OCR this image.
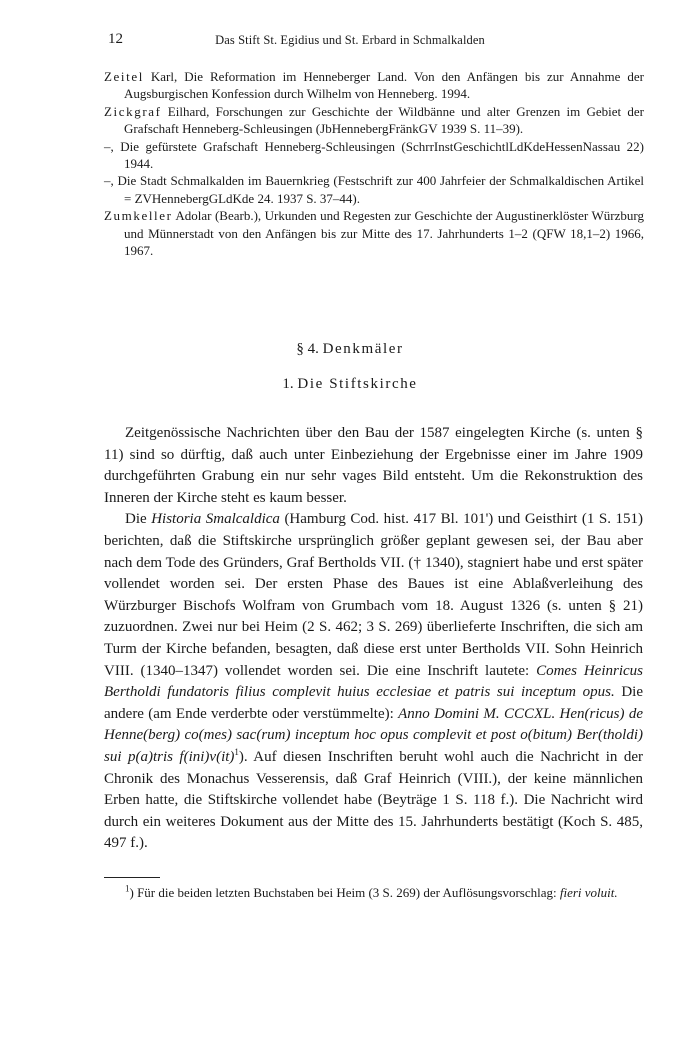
12	Das Stift St. Egidius und St. Erbard in Schmalkalden

Zeitel Karl, Die Reformation im Henneberger Land. Von den Anfängen bis zur Annahme der Augsburgischen Konfession durch Wilhelm von Henneberg. 1994.

Zickgraf Eilhard, Forschungen zur Geschichte der Wildbänne und alter Grenzen im Gebiet der Grafschaft Henneberg-Schleusingen (JbHennebergFränkGV 1939 S. 11–39).

–, Die gefürstete Grafschaft Henneberg-Schleusingen (SchrrInstGeschichtlLdKdeHessenNassau 22) 1944.

–, Die Stadt Schmalkalden im Bauernkrieg (Festschrift zur 400 Jahrfeier der Schmalkaldischen Artikel = ZVHennebergGLdKde 24. 1937 S. 37–44).

Zumkeller Adolar (Bearb.), Urkunden und Regesten zur Geschichte der Augustinerklöster Würzburg und Münnerstadt von den Anfängen bis zur Mitte des 17. Jahrhunderts 1–2 (QFW 18,1–2) 1966, 1967.

§ 4. Denkmäler
1. Die Stiftskirche

Zeitgenössische Nachrichten über den Bau der 1587 eingelegten Kirche (s. unten § 11) sind so dürftig, daß auch unter Einbeziehung der Ergebnisse einer im Jahre 1909 durchgeführten Grabung ein nur sehr vages Bild entsteht. Um die Rekonstruktion des Inneren der Kirche steht es kaum besser.

Die Historia Smalcaldica (Hamburg Cod. hist. 417 Bl. 101') und Geisthirt (1 S. 151) berichten, daß die Stiftskirche ursprünglich größer geplant gewesen sei, der Bau aber nach dem Tode des Gründers, Graf Bertholds VII. († 1340), stagniert habe und erst später vollendet worden sei. Der ersten Phase des Baues ist eine Ablaßverleihung des Würzburger Bischofs Wolfram von Grumbach vom 18. August 1326 (s. unten § 21) zuzuordnen. Zwei nur bei Heim (2 S. 462; 3 S. 269) überlieferte Inschriften, die sich am Turm der Kirche befanden, besagten, daß diese erst unter Bertholds VII. Sohn Heinrich VIII. (1340–1347) vollendet worden sei. Die eine Inschrift lautete: Comes Heinricus Bertholdi fundatoris filius complevit huius ecclesiae et patris sui inceptum opus. Die andere (am Ende verderbte oder verstümmelte): Anno Domini M. CCCXL. Hen(ricus) de Henne(berg) co(mes) sac(rum) inceptum hoc opus complevit et post o(bitum) Ber(tholdi) sui p(a)tris f(ini)v(it)$^1$). Auf diesen Inschriften beruht wohl auch die Nachricht in der Chronik des Monachus Vesserensis, daß Graf Heinrich (VIII.), der keine männlichen Erben hatte, die Stiftskirche vollendet habe (Beyträge 1 S. 118 f.). Die Nachricht wird durch ein weiteres Dokument aus der Mitte des 15. Jahrhunderts bestätigt (Koch S. 485, 497 f.).

$^1$) Für die beiden letzten Buchstaben bei Heim (3 S. 269) der Auflösungsvorschlag: fieri voluit.
